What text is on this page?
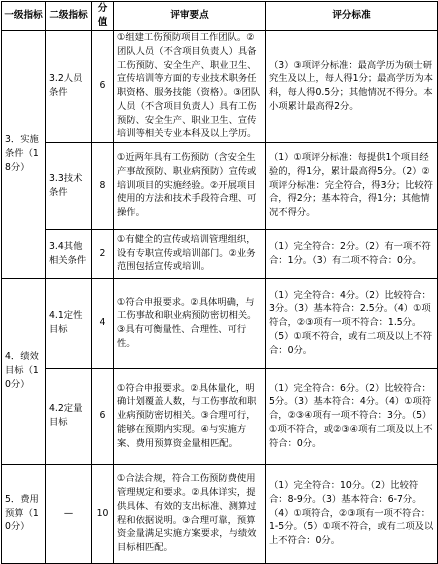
一级指标	二级指标	分值	评审要点	评分标准
3．实施条件（18分）	3.2人员条件	6	①组建工伤预防项目工作团队。②团队人员（不含项目负责人）具备工伤预防、安全生产、职业卫生、宣传培训等方面的专业技术职务任职资格、服务技能（资格）。③团队人员（不含项目负责人）具有工伤预防、安全生产、职业卫生、宣传培训等相关专业本科及以上学历。	（3）③项评分标准：最高学历为硕士研究生及以上，每人得1分；最高学历为本科，每人得0.5分；其他情况不得分。本小项累计最高得2分。
	3.3技术条件	8	①近两年具有工伤预防（含安全生产事故预防、职业病预防）宣传或培训项目的实施经验。②开展项目使用的方法和技术手段符合理、可操作。	（1）①项评分标准：每提供1个项目经验的，得1分，累计最高得5分。（2）②项评分标准：完全符合，得3分；比较符合，得2分；基本符合，得1分；其他情况不得分。
	3.4其他相关条件	2	①有健全的宣传或培训管理组织，设有专职宣传或培训部门。②业务范围包括宣传或培训。	（1）完全符合：2分。（2）有一项不符合：1分。（3）有二项不符合：0分。
4．绩效目标（10分）	4.1定性目标	4	①符合申报要求。②具体明确，与工伤事故和职业病预防密切相关。③具有可衡量性、合理性、可行性。	（1）完全符合：4分。（2）比较符合：3分。（3）基本符合：2.5分。（4）①项符合，②③项有一项不符合：1.5分。（5）①项不符合，或有二项及以上不符合：0分。
	4.2定量目标	6	①符合申报要求。②具体量化，明确计划覆盖人数，与工伤事故和职业病预防密切相关。③合理可行，能够在预期内实现。④与实施方案、费用预算资金量相匹配。	（1）完全符合：6分。（2）比较符合：5分。（3）基本符合：4分。（4）①项符合，②③④项有一项不符合：3分。（5）①项不符合，或②③④项有二项及以上不符合：0分。
5．费用预算（10分）	—	10	①合法合规，符合工伤预防费使用管理规定和要求。②具体详实，提供具体、有效的支出标准、测算过程和依据说明。③合理可靠，预算资金量满足实施方案要求，与绩效目标相匹配。	（1）完全符合：10分。（2）比较符合：8-9分。（3）基本符合：6-7分。（4）①项符合，②③项有一项不符合：1-5分。（5）①项不符合，或有二项及以上不符合：0分。
